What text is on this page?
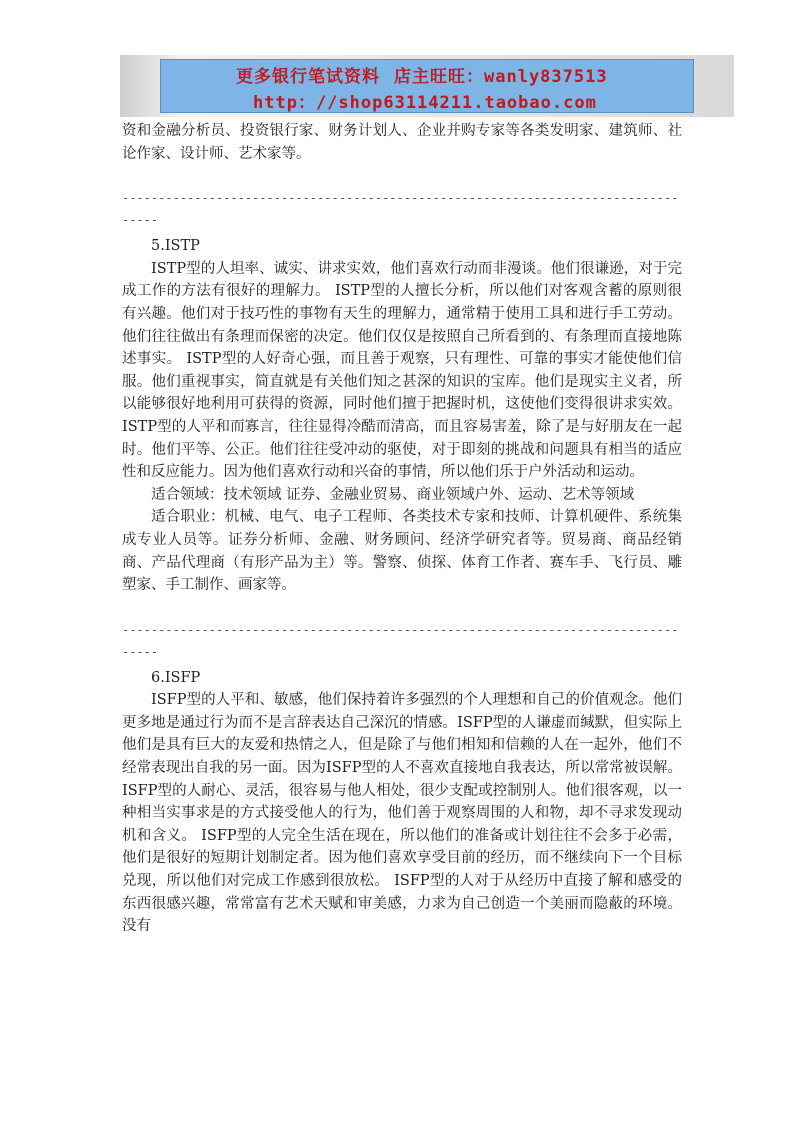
更多银行笔试资料 店主旺旺：wanly837513
http：//shop63114211.taobao.com

资和金融分析员、投资银行家、财务计划人、企业并购专家等各类发明家、建筑师、社论作家、设计师、艺术家等。

----------------------------------------------------------------------------------

5.ISTP

ISTP型的人坦率、诚实、讲求实效，他们喜欢行动而非漫谈。他们很谦逊，对于完成工作的方法有很好的理解力。 ISTP型的人擅长分析，所以他们对客观含蓄的原则很有兴趣。他们对于技巧性的事物有天生的理解力，通常精于使用工具和进行手工劳动。他们往往做出有条理而保密的决定。他们仅仅是按照自己所看到的、有条理而直接地陈述事实。 ISTP型的人好奇心强，而且善于观察，只有理性、可靠的事实才能使他们信服。他们重视事实，简直就是有关他们知之甚深的知识的宝库。他们是现实主义者，所以能够很好地利用可获得的资源，同时他们擅于把握时机，这使他们变得很讲求实效。ISTP型的人平和而寡言，往往显得冷酷而清高，而且容易害羞，除了是与好朋友在一起时。他们平等、公正。他们往往受冲动的驱使，对于即刻的挑战和问题具有相当的适应性和反应能力。因为他们喜欢行动和兴奋的事情，所以他们乐于户外活动和运动。

适合领域：技术领域 证券、金融业贸易、商业领域户外、运动、艺术等领域

适合职业：机械、电气、电子工程师、各类技术专家和技师、计算机硬件、系统集成专业人员等。证券分析师、金融、财务顾问、经济学研究者等。贸易商、商品经销商、产品代理商（有形产品为主）等。警察、侦探、体育工作者、赛车手、飞行员、雕塑家、手工制作、画家等。

----------------------------------------------------------------------------------

6.ISFP

ISFP型的人平和、敏感，他们保持着许多强烈的个人理想和自己的价值观念。他们更多地是通过行为而不是言辞表达自己深沉的情感。ISFP型的人谦虚而缄默，但实际上他们是具有巨大的友爱和热情之人，但是除了与他们相知和信赖的人在一起外，他们不经常表现出自我的另一面。因为ISFP型的人不喜欢直接地自我表达，所以常常被误解。ISFP型的人耐心、灵活，很容易与他人相处，很少支配或控制别人。他们很客观，以一种相当实事求是的方式接受他人的行为，他们善于观察周围的人和物，却不寻求发现动机和含义。 ISFP型的人完全生活在现在，所以他们的准备或计划往往不会多于必需，他们是很好的短期计划制定者。因为他们喜欢享受目前的经历，而不继续向下一个目标兑现，所以他们对完成工作感到很放松。 ISFP型的人对于从经历中直接了解和感受的东西很感兴趣，常常富有艺术天赋和审美感，力求为自己创造一个美丽而隐蔽的环境。没有
